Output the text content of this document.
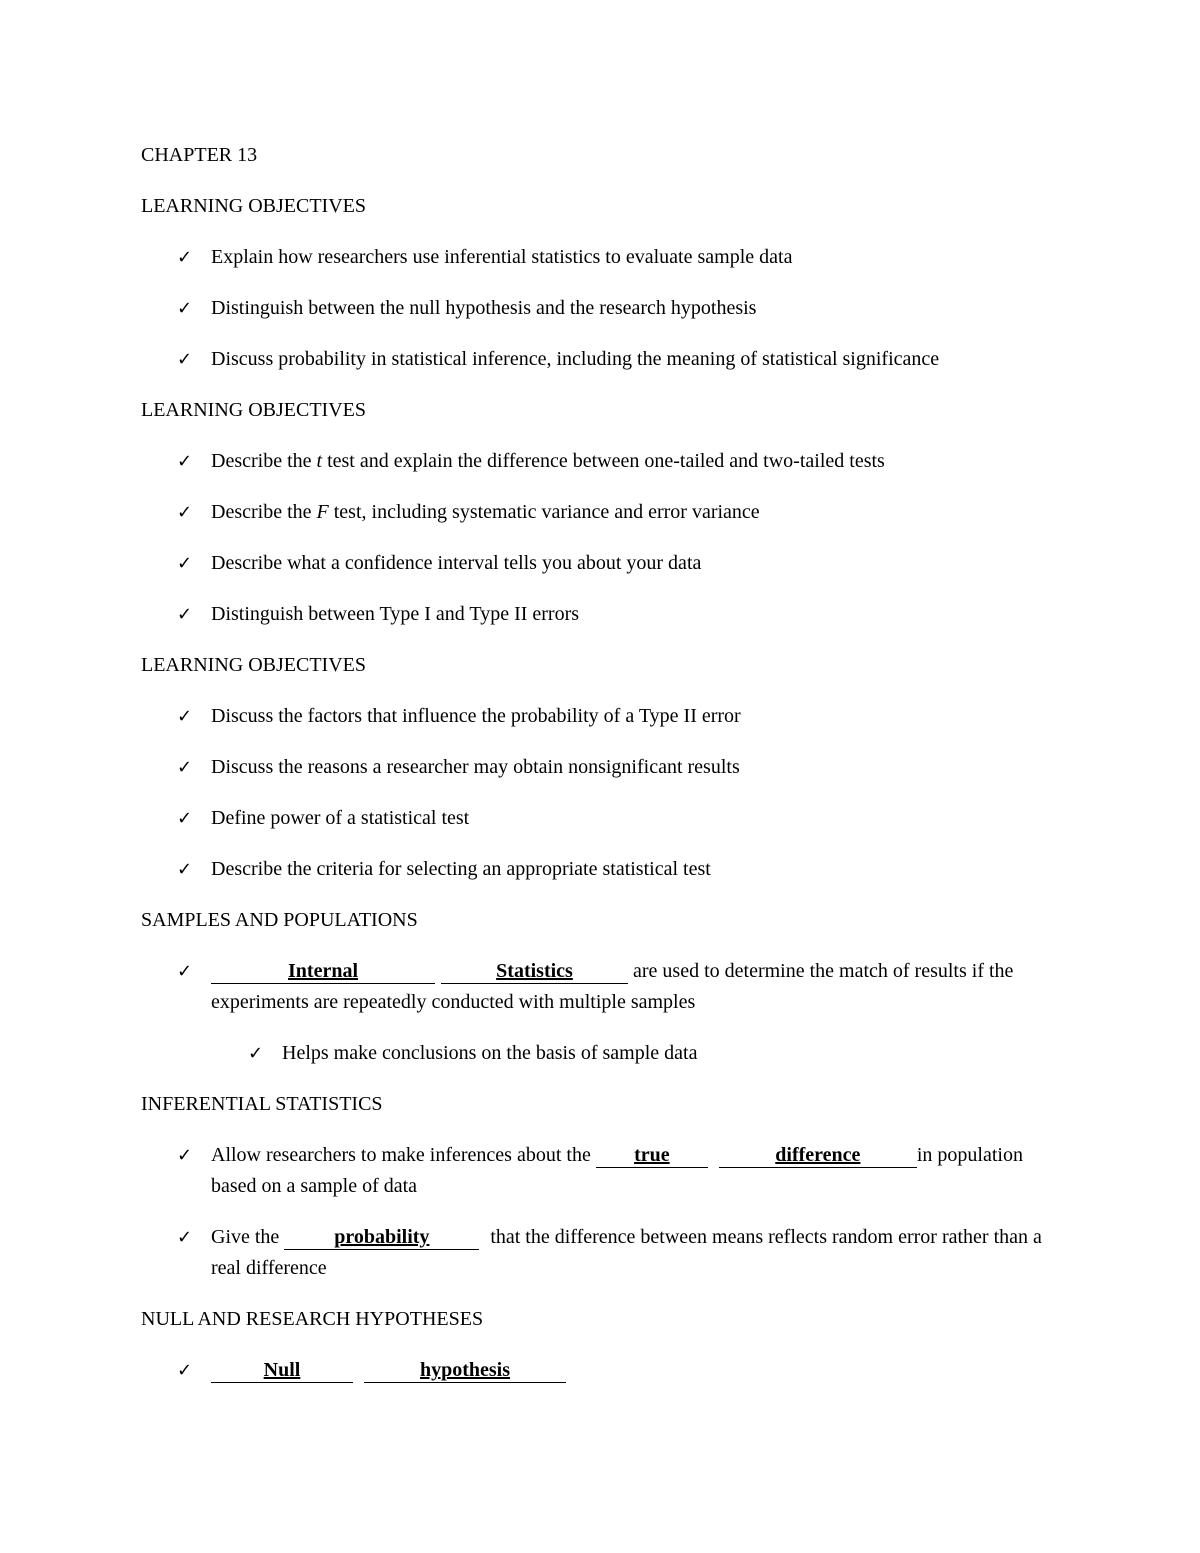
CHAPTER 13
LEARNING OBJECTIVES
✓ Explain how researchers use inferential statistics to evaluate sample data
✓ Distinguish between the null hypothesis and the research hypothesis
✓ Discuss probability in statistical inference, including the meaning of statistical significance
LEARNING OBJECTIVES
✓ Describe the t test and explain the difference between one-tailed and two-tailed tests
✓ Describe the F test, including systematic variance and error variance
✓ Describe what a confidence interval tells you about your data
✓ Distinguish between Type I and Type II errors
LEARNING OBJECTIVES
✓ Discuss the factors that influence the probability of a Type II error
✓ Discuss the reasons a researcher may obtain nonsignificant results
✓ Define power of a statistical test
✓ Describe the criteria for selecting an appropriate statistical test
SAMPLES AND POPULATIONS
✓	Internal	Statistics	are used to determine the match of results if the experiments are repeatedly conducted with multiple samples
✓ Helps make conclusions on the basis of sample data
INFERENTIAL STATISTICS
✓ Allow researchers to make inferences about the true	difference	in population based on a sample of data
✓ Give the	probability	that the difference between means reflects random error rather than a real difference
NULL AND RESEARCH HYPOTHESES
✓	Null	hypothesis
